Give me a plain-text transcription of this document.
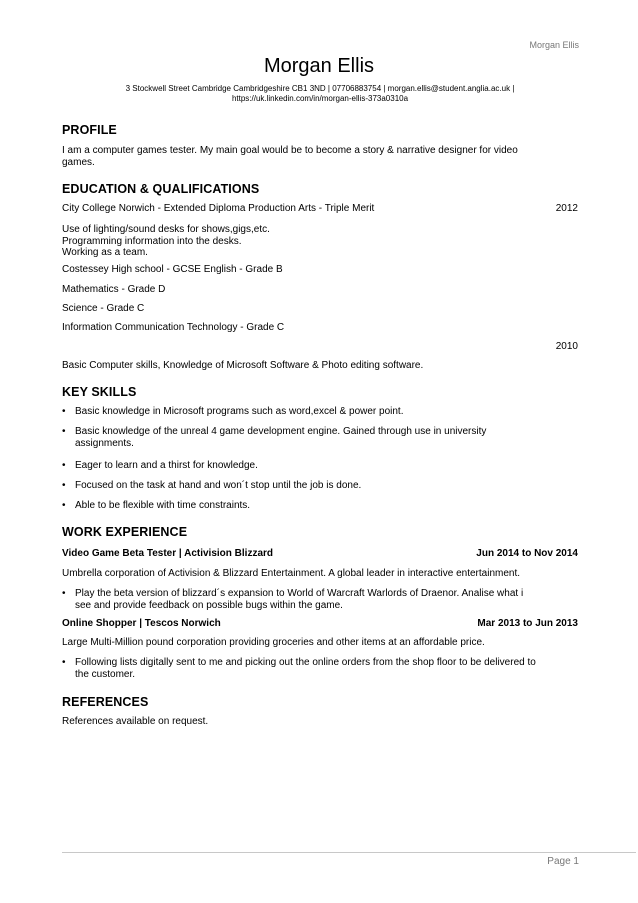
Morgan Ellis
Morgan Ellis
3 Stockwell Street Cambridge Cambridgeshire CB1 3ND | 07706883754 | morgan.ellis@student.anglia.ac.uk |
https://uk.linkedin.com/in/morgan-ellis-373a0310a
PROFILE
I am a computer games tester. My main goal would be to become a story & narrative designer for video
games.
EDUCATION & QUALIFICATIONS
City College Norwich - Extended Diploma Production Arts - Triple Merit	2012
Use of lighting/sound desks for shows,gigs,etc.
Programming information into the desks.
Working as a team.
Costessey High school - GCSE English - Grade B
Mathematics - Grade D
Science - Grade C
Information Communication Technology - Grade C
2010
Basic Computer skills, Knowledge of Microsoft Software & Photo editing software.
KEY SKILLS
• Basic knowledge in Microsoft programs such as word,excel & power point.
• Basic knowledge of the unreal 4 game development engine. Gained through use in university
assignments.
• Eager to learn and a thirst for knowledge.
• Focused on the task at hand and won´t stop until the job is done.
• Able to be flexible with time constraints.
WORK EXPERIENCE
Video Game Beta Tester | Activision Blizzard	Jun 2014 to Nov 2014
Umbrella corporation of Activision & Blizzard Entertainment. A global leader in interactive entertainment.
• Play the beta version of blizzard´s expansion to World of Warcraft Warlords of Draenor. Analise what i
see and provide feedback on possible bugs within the game.
Online Shopper | Tescos Norwich	Mar 2013 to Jun 2013
Large Multi-Million pound corporation providing groceries and other items at an affordable price.
• Following lists digitally sent to me and picking out the online orders from the shop floor to be delivered to
the customer.
REFERENCES
References available on request.
Page 1
